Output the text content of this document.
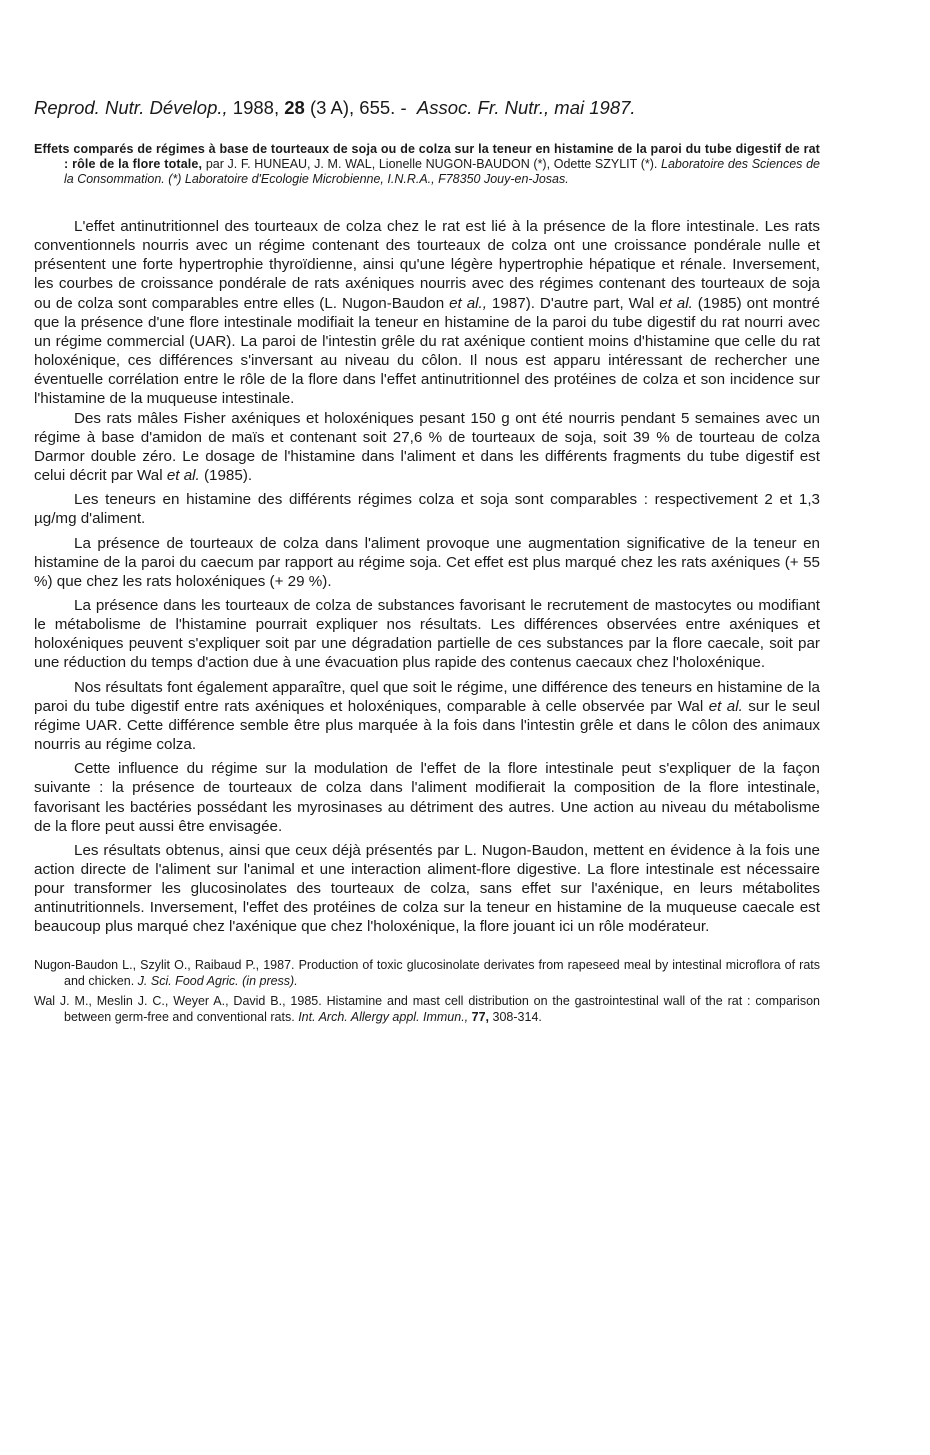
Reprod. Nutr. Dévelop., 1988, 28 (3 A), 655. - Assoc. Fr. Nutr., mai 1987.
Effets comparés de régimes à base de tourteaux de soja ou de colza sur la teneur en histamine de la paroi du tube digestif de rat : rôle de la flore totale, par J. F. HUNEAU, J. M. WAL, Lionelle NUGON-BAUDON (*), Odette SZYLIT (*). Laboratoire des Sciences de la Consommation. (*) Laboratoire d'Ecologie Microbienne, I.N.R.A., F78350 Jouy-en-Josas.

L'effet antinutritionnel des tourteaux de colza chez le rat est lié à la présence de la flore intestinale. Les rats conventionnels nourris avec un régime contenant des tourteaux de colza ont une croissance pondérale nulle et présentent une forte hypertrophie thyroïdienne, ainsi qu'une légère hypertrophie hépatique et rénale. Inversement, les courbes de croissance pondérale de rats axéniques nourris avec des régimes contenant des tourteaux de soja ou de colza sont comparables entre elles (L. Nugon-Baudon et al., 1987). D'autre part, Wal et al. (1985) ont montré que la présence d'une flore intestinale modifiait la teneur en histamine de la paroi du tube digestif du rat nourri avec un régime commercial (UAR). La paroi de l'intestin grêle du rat axénique contient moins d'histamine que celle du rat holoxénique, ces différences s'inversant au niveau du côlon. Il nous est apparu intéressant de rechercher une éventuelle corrélation entre le rôle de la flore dans l'effet antinutritionnel des protéines de colza et son incidence sur l'histamine de la muqueuse intestinale.

Des rats mâles Fisher axéniques et holoxéniques pesant 150 g ont été nourris pendant 5 semaines avec un régime à base d'amidon de maïs et contenant soit 27,6 % de tourteaux de soja, soit 39 % de tourteau de colza Darmor double zéro. Le dosage de l'histamine dans l'aliment et dans les différents fragments du tube digestif est celui décrit par Wal et al. (1985).

Les teneurs en histamine des différents régimes colza et soja sont comparables : respectivement 2 et 1,3 µg/mg d'aliment.

La présence de tourteaux de colza dans l'aliment provoque une augmentation significative de la teneur en histamine de la paroi du caecum par rapport au régime soja. Cet effet est plus marqué chez les rats axéniques (+ 55 %) que chez les rats holoxéniques (+ 29 %).

La présence dans les tourteaux de colza de substances favorisant le recrutement de mastocytes ou modifiant le métabolisme de l'histamine pourrait expliquer nos résultats. Les différences observées entre axéniques et holoxéniques peuvent s'expliquer soit par une dégradation partielle de ces substances par la flore caecale, soit par une réduction du temps d'action due à une évacuation plus rapide des contenus caecaux chez l'holoxénique.

Nos résultats font également apparaître, quel que soit le régime, une différence des teneurs en histamine de la paroi du tube digestif entre rats axéniques et holoxéniques, comparable à celle observée par Wal et al. sur le seul régime UAR. Cette différence semble être plus marquée à la fois dans l'intestin grêle et dans le côlon des animaux nourris au régime colza.

Cette influence du régime sur la modulation de l'effet de la flore intestinale peut s'expliquer de la façon suivante : la présence de tourteaux de colza dans l'aliment modifierait la composition de la flore intestinale, favorisant les bactéries possédant les myrosinases au détriment des autres. Une action au niveau du métabolisme de la flore peut aussi être envisagée.

Les résultats obtenus, ainsi que ceux déjà présentés par L. Nugon-Baudon, mettent en évidence à la fois une action directe de l'aliment sur l'animal et une interaction aliment-flore digestive. La flore intestinale est nécessaire pour transformer les glucosinolates des tourteaux de colza, sans effet sur l'axénique, en leurs métabolites antinutritionnels. Inversement, l'effet des protéines de colza sur la teneur en histamine de la muqueuse caecale est beaucoup plus marqué chez l'axénique que chez l'holoxénique, la flore jouant ici un rôle modérateur.

Nugon-Baudon L., Szylit O., Raibaud P., 1987. Production of toxic glucosinolate derivates from rapeseed meal by intestinal microflora of rats and chicken. J. Sci. Food Agric. (in press).
Wal J. M., Meslin J. C., Weyer A., David B., 1985. Histamine and mast cell distribution on the gastrointestinal wall of the rat : comparison between germ-free and conventional rats. Int. Arch. Allergy appl. Immun., 77, 308-314.
